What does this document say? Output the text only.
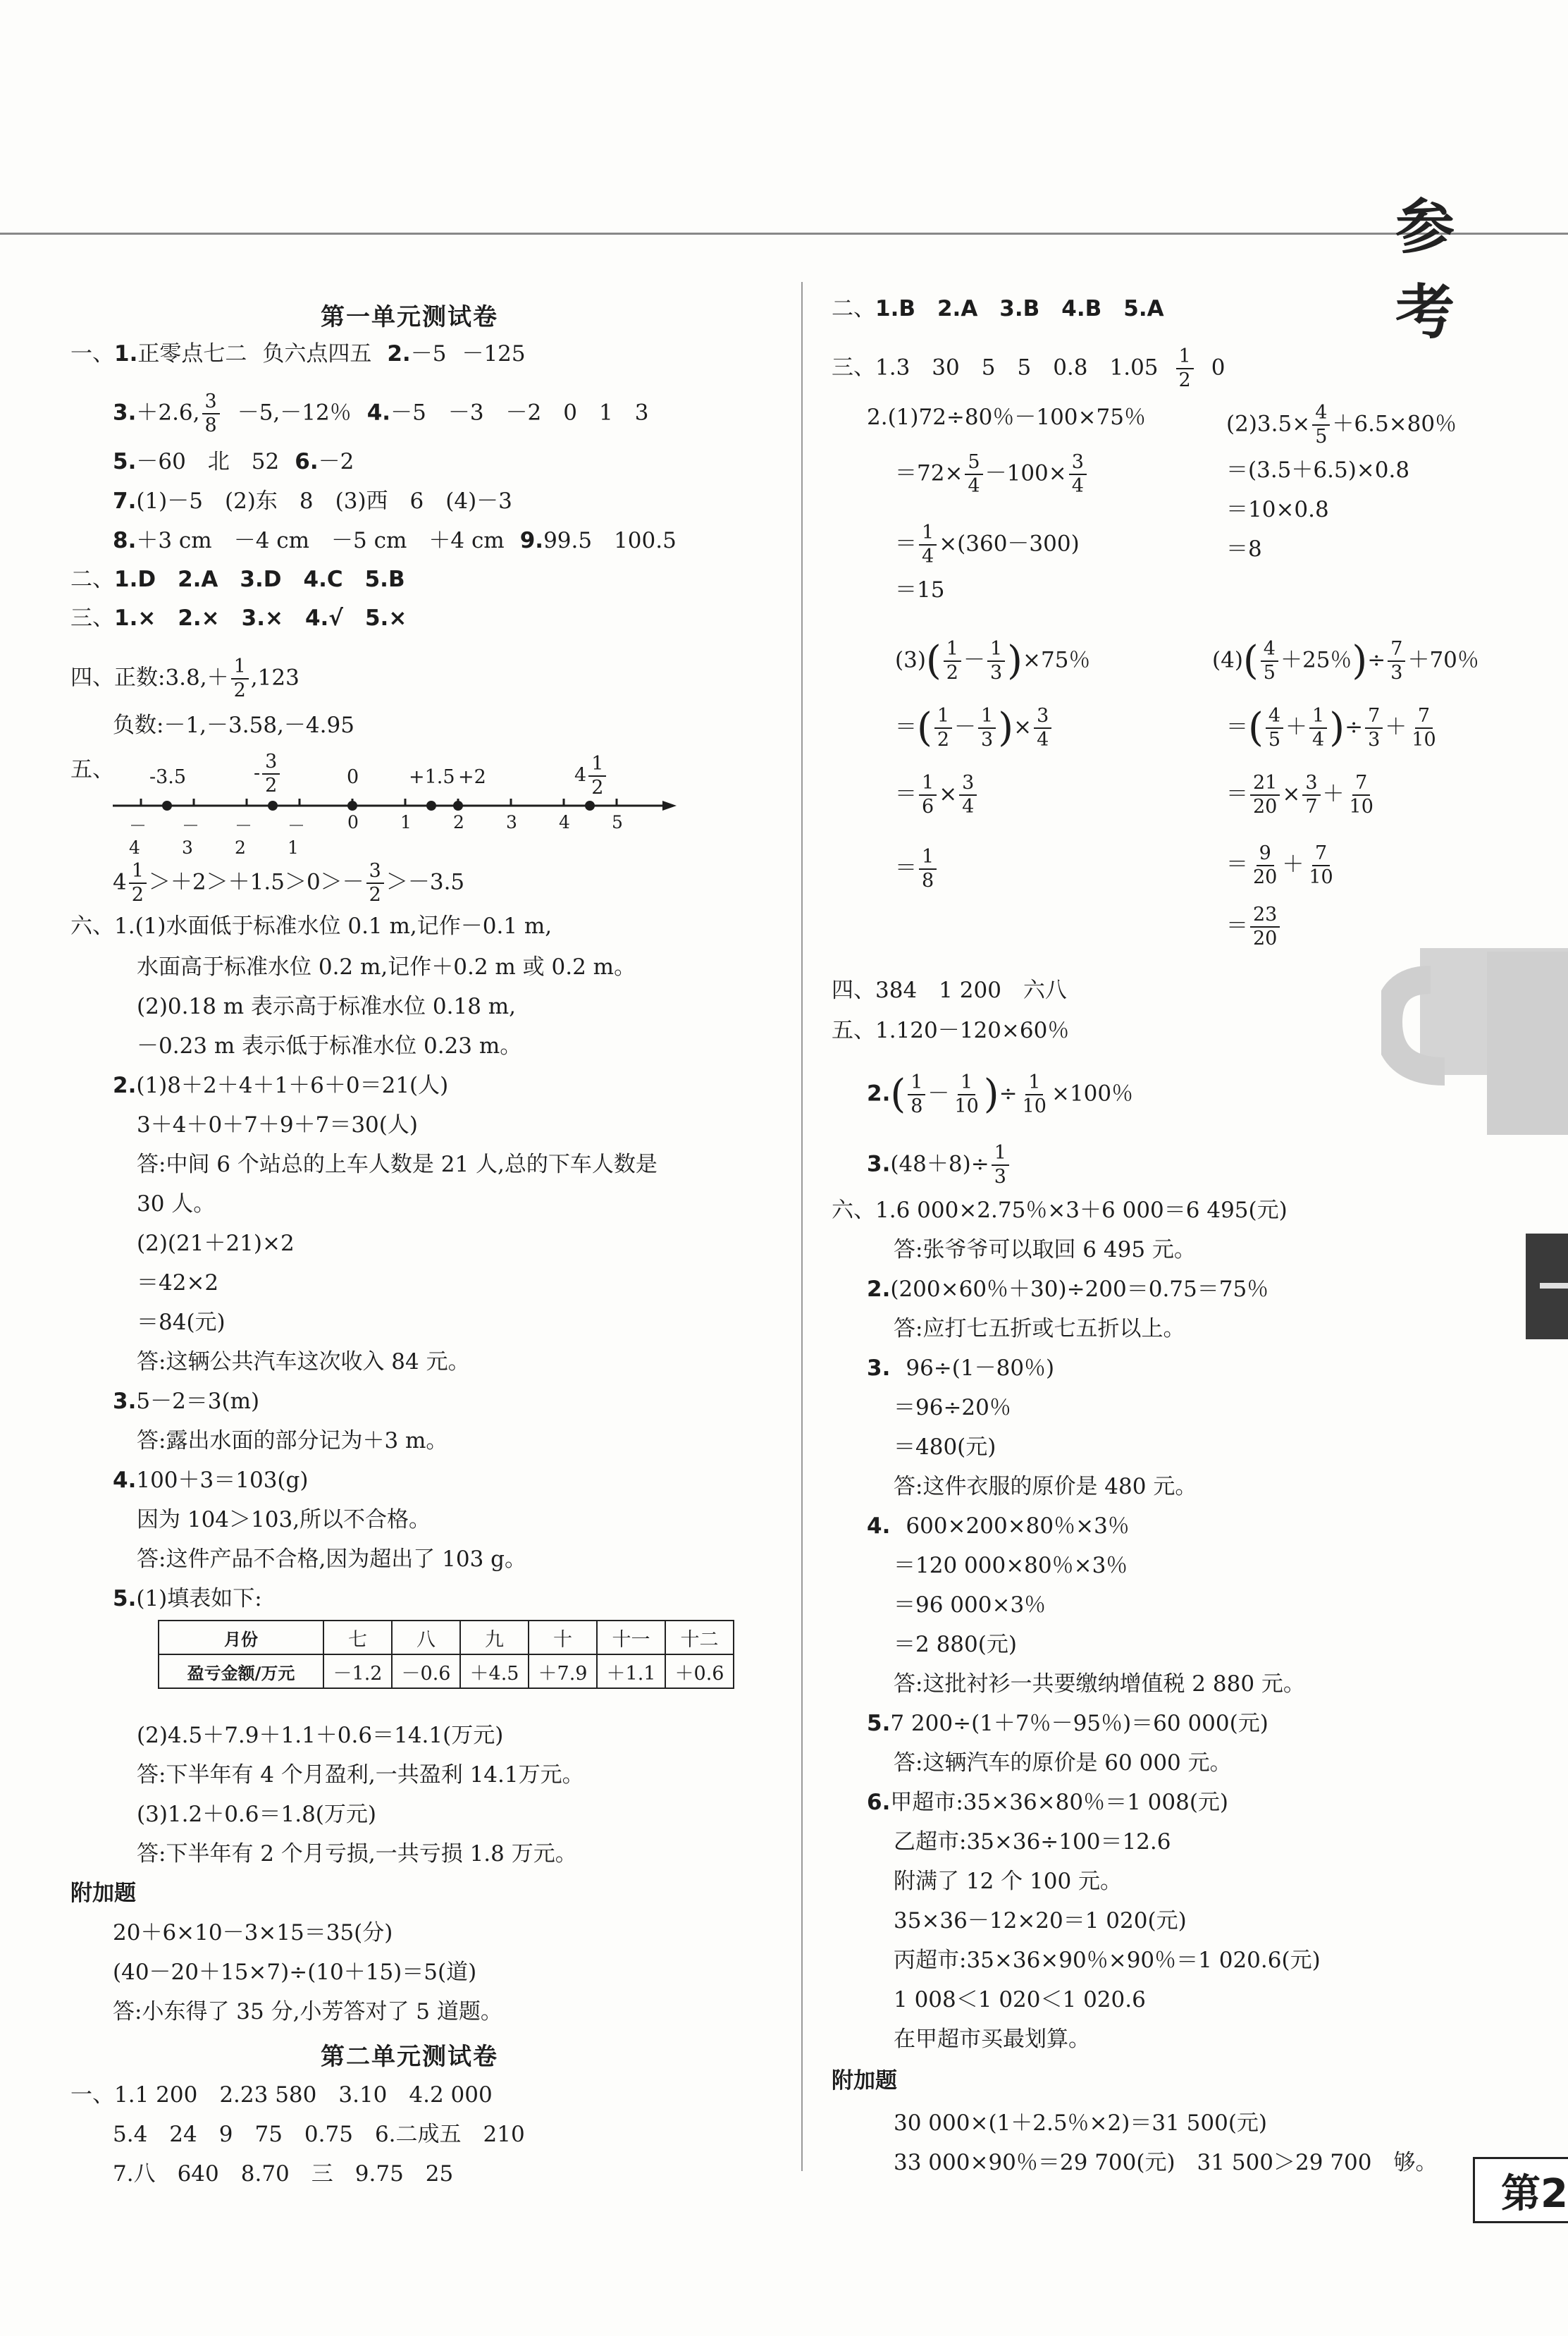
参 考
第2
第一单元测试卷
一、1.正零点七二 负六点四五 2.－5 －125
3.＋2.6, $\frac{3}{8} -5,-12$％ 4.－5　－3　－2　0　1　3
5.－60　北　52 6.－2
7.(1)－5　(2)东　8　(3)西　6　(4)－3
8.＋3 cm　－4 cm　－5 cm　＋4 cm 9.99.5　100.5
二、1.D　2.A　3.D　4.C　5.B
三、1.×　2.×　3.×　4.√　5.×
四、正数:3.8,＋ $\frac{1}{2} ,123$
负数:－1,－3.58,－4.95
五、 -3.5	- $\frac{3}{2}$	0	+1.5 +2	$4 \frac{1}{2}$
－4
－3
－2
－1
0 1 2 3 4 5
$4 \frac{1}{2} >+2>+1.5>0>- \frac{3}{2} >-3.5$
六、1.(1)水面低于标准水位 0.1 m,记作－0.1 m,
水面高于标准水位 0.2 m,记作＋0.2 m 或 0.2 m。
(2)0.18 m 表示高于标准水位 0.18 m,
－0.23 m 表示低于标准水位 0.23 m。
2.(1)8＋2＋4＋1＋6＋0＝21(人)
3＋4＋0＋7＋9＋7＝30(人)
答:中间 6 个站总的上车人数是 21 人,总的下车人数是
30 人。
(2)(21＋21)×2
＝42×2
＝84(元)
答:这辆公共汽车这次收入 84 元。
3.5－2＝3(m)
答:露出水面的部分记为＋3 m。
4.100＋3＝103(g)
因为 104＞103,所以不合格。
答:这件产品不合格,因为超出了 103 g。
5.(1)填表如下:
月份	七	八	九	十	十一	十二
盈亏金额/万元	－1.2	－0.6	＋4.5	＋7.9	＋1.1	＋0.6
(2)4.5＋7.9＋1.1＋0.6＝14.1(万元)
答:下半年有 4 个月盈利,一共盈利 14.1万元。
(3)1.2＋0.6＝1.8(万元)
答:下半年有 2 个月亏损,一共亏损 1.8 万元。
附加题
20＋6×10－3×15＝35(分)
(40－20＋15×7)÷(10＋15)＝5(道)
答:小东得了 35 分,小芳答对了 5 道题。
第二单元测试卷
一、1.1 200　2.23 580　3.10　4.2 000
5.4　24　9　75　0.75　6.二成五　210
7.八　640　8.70　三　9.75　25
二、1.B　2.A　3.B　4.B　5.A
三、1.3　30　5　5　0.8　$1.05 \frac{1}{2} 0$
2.(1)72÷80％－100×75％
$=72\times \frac{5}{4} -100\times \frac{3}{4}$
＝ $\frac{1}{4} \times(360-300)$
＝15
$(2)3.5\times \frac{4}{5} +6.5\times 80$％
＝(3.5＋6.5)×0.8
＝10×0.8
＝8
$(3)( \frac{1}{2} - \frac{1}{3} )\times 75$％
＝( $\frac{1}{2} - \frac{1}{3}$ )× $\frac{3}{4}$
＝ $\frac{1}{6} \times \frac{3}{4}$
＝ $\frac{1}{8}$
$(4)( \frac{4}{5} +25$％)÷ $\frac{7}{3} +70$％
＝( $\frac{4}{5} + \frac{1}{4}$ )÷ $\frac{7}{3} + \frac{7}{10}$
＝ $\frac{21}{20} \times \frac{3}{7} + \frac{7}{10}$
＝ $\frac{9}{20} + \frac{7}{10}$
＝ $\frac{23}{20}$
四、384　1 200　六八
五、1.120－120×60％
$2.( \frac{1}{8} - \frac{1}{10}$ )÷ $\frac{1}{10} \times 100$％
$3.(48+8)\div \frac{1}{3}$
六、1.6 000×2.75％×3＋6 000＝6 495(元)
答:张爷爷可以取回 6 495 元。
2.(200×60％＋30)÷200＝0.75＝75％
答:应打七五折或七五折以上。
3. 96÷(1－80％)
＝96÷20％
＝480(元)
答:这件衣服的原价是 480 元。
4. 600×200×80％×3％
＝120 000×80％×3％
＝96 000×3％
＝2 880(元)
答:这批衬衫一共要缴纳增值税 2 880 元。
5.7 200÷(1＋7％－95％)＝60 000(元)
答:这辆汽车的原价是 60 000 元。
6.甲超市:35×36×80％＝1 008(元)
乙超市:35×36÷100＝12.6
附满了 12 个 100 元。
35×36－12×20＝1 020(元)
丙超市:35×36×90％×90％＝1 020.6(元)
1 008＜1 020＜1 020.6
在甲超市买最划算。
附加题
30 000×(1＋2.5％×2)＝31 500(元)
33 000×90％＝29 700(元)　31 500＞29 700　够。
